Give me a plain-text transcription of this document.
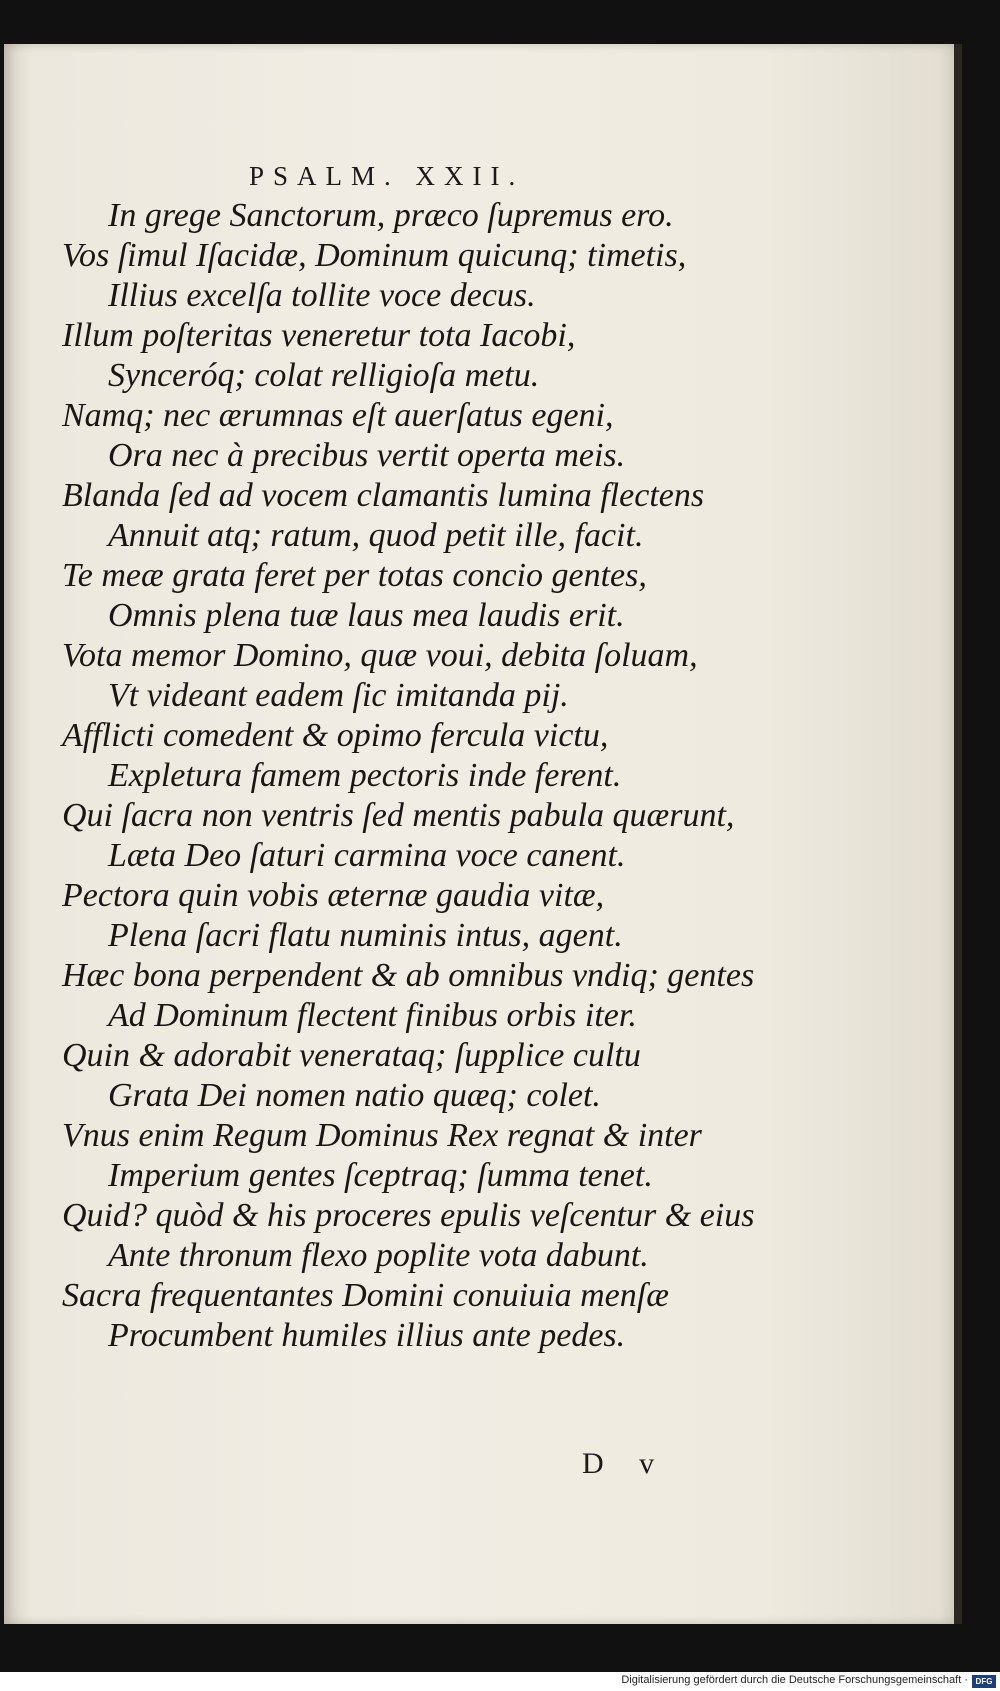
PSALM. XXII.
In grege Sanctorum, præco ſupremus ero.
Vos ſimul Iſacidæ, Dominum quicunq; timetis,
Illius excelſa tollite voce decus.
Illum poſteritas veneretur tota Iacobi,
Synceróq; colat relligioſa metu.
Namq; nec ærumnas eſt auerſatus egeni,
Ora nec à precibus vertit operta meis.
Blanda ſed ad vocem clamantis lumina flectens
Annuit atq; ratum, quod petit ille, facit.
Te meæ grata feret per totas concio gentes,
Omnis plena tuæ laus mea laudis erit.
Vota memor Domino, quæ voui, debita ſoluam,
Vt videant eadem ſic imitanda pij.
Afflicti comedent & opimo fercula victu,
Expletura famem pectoris inde ferent.
Qui ſacra non ventris ſed mentis pabula quærunt,
Læta Deo ſaturi carmina voce canent.
Pectora quin vobis æternæ gaudia vitæ,
Plena ſacri flatu numinis intus, agent.
Hæc bona perpendent & ab omnibus vndiq; gentes
Ad Dominum flectent finibus orbis iter.
Quin & adorabit venerataq; ſupplice cultu
Grata Dei nomen natio quæq; colet.
Vnus enim Regum Dominus Rex regnat & inter
Imperium gentes ſceptraq; ſumma tenet.
Quid? quòd & his proceres epulis veſcentur & eius
Ante thronum flexo poplite vota dabunt.
Sacra frequentantes Domini conuiuia menſæ
Procumbent humiles illius ante pedes.
D v
Digitalisierung gefördert durch die Deutsche Forschungsgemeinschaft · DFG
